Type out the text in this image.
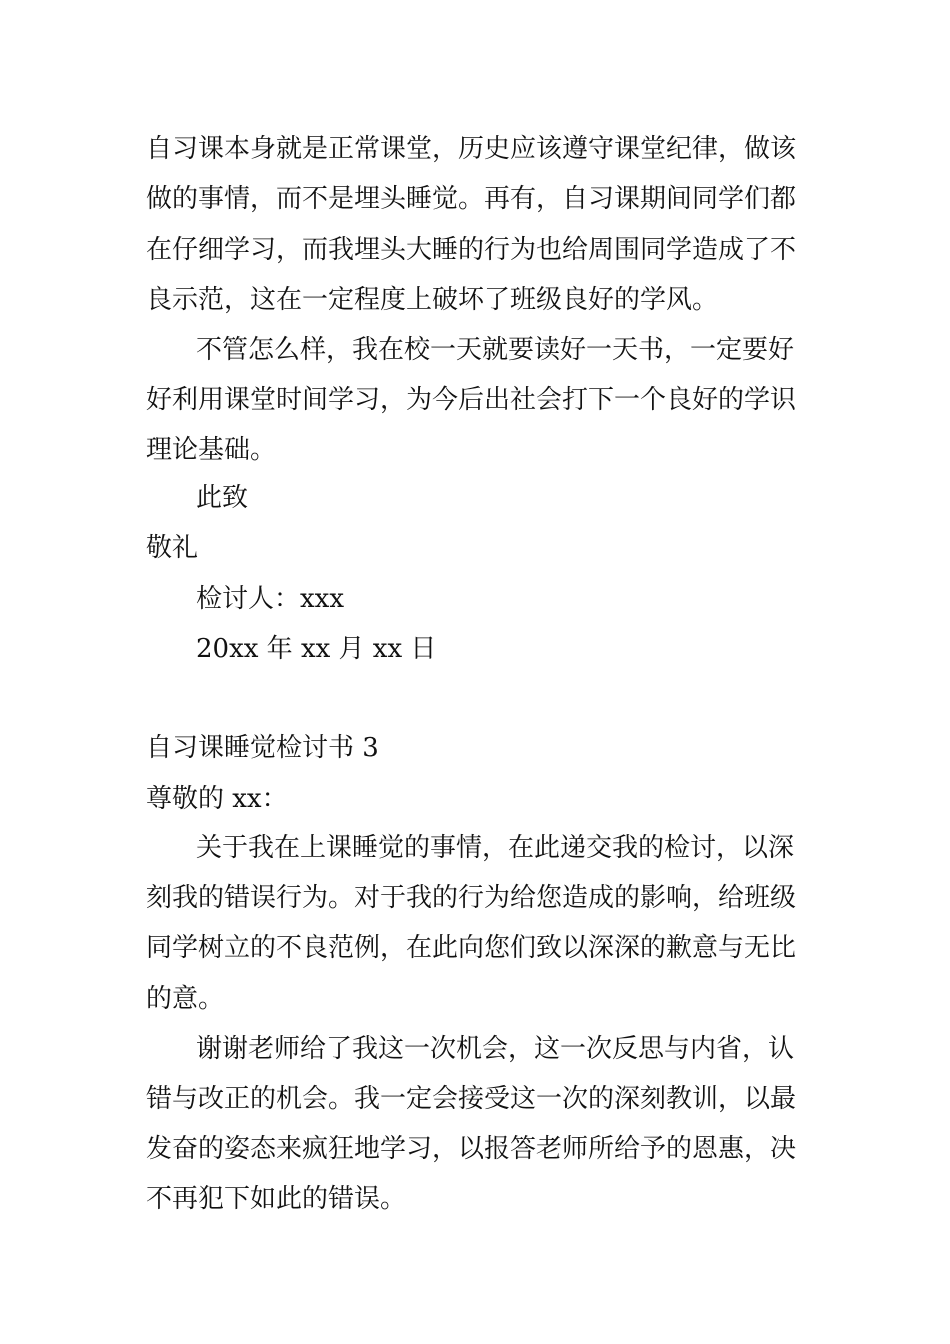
自习课本身就是正常课堂，历史应该遵守课堂纪律，做该
做的事情，而不是埋头睡觉。再有，自习课期间同学们都
在仔细学习，而我埋头大睡的行为也给周围同学造成了不
良示范，这在一定程度上破坏了班级良好的学风。
不管怎么样，我在校一天就要读好一天书，一定要好
好利用课堂时间学习，为今后出社会打下一个良好的学识
理论基础。
此致
敬礼
检讨人：xxx
20xx 年 xx 月 xx 日
自习课睡觉检讨书 3
尊敬的 xx：
关于我在上课睡觉的事情，在此递交我的检讨，以深
刻我的错误行为。对于我的行为给您造成的影响，给班级
同学树立的不良范例，在此向您们致以深深的歉意与无比
的意。
谢谢老师给了我这一次机会，这一次反思与内省，认
错与改正的机会。我一定会接受这一次的深刻教训，以最
发奋的姿态来疯狂地学习，以报答老师所给予的恩惠，决
不再犯下如此的错误。
